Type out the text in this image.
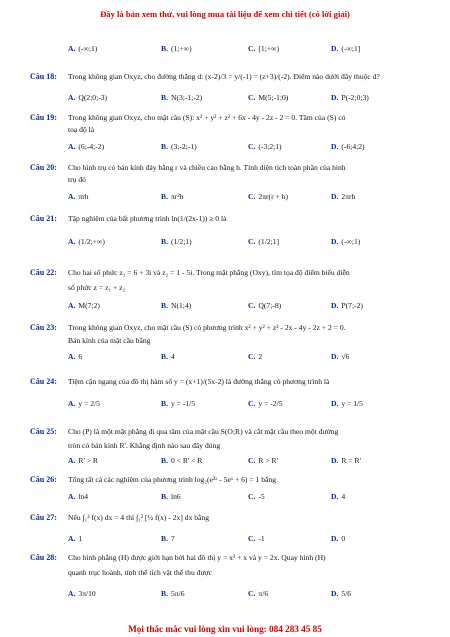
Đây là bản xem thử, vui lòng mua tài liệu để xem chi tiết (có lời giải)
A. (-∞;1)	B. (1;+∞)	C. [1;+∞)	D. (-∞;1]
Câu 18: Trong không gian Oxyz, cho đường thẳng d: (x-2)/3 = y/(-1) = (z+3)/(-2). Điểm nào dưới đây thuộc d?
A. Q(2;0;-3)	B. N(3;-1;-2)	C. M(5;-1;0)	D. P(-2;0;3)
Câu 19: Trong không gian Oxyz, cho mặt cầu (S): x² + y² + z² + 6x - 4y - 2z - 2 = 0. Tâm của (S) có
toạ độ là
A. (6;-4;-2)	B. (3;-2;-1)	C. (-3;2;1)	D. (-6;4;2)
Câu 20: Cho hình trụ có bán kính đáy bằng r và chiều cao bằng h. Tính diện tích toàn phần của hình
trụ đó
A. πrh	B. πr²h	C. 2πr(r + h)	D. 2πrh
Câu 21: Tập nghiệm của bất phương trình ln(1/(2x-1)) ≥ 0 là
A. (1/2;+∞)	B. (1/2;1)	C. (1/2;1]	D. (-∞;1)
Câu 22: Cho hai số phức z₁ = 6 + 3i và z₂ = 1 - 5i. Trong mặt phẳng (Oxy), tìm tọa độ điểm biểu diễn
số phức z = z₁ + z₂
A. M(7;2)	B. N(1;4)	C. Q(7;-8)	D. P(7;-2)
Câu 23: Trong không gian Oxyz, cho mặt cầu (S) có phương trình x² + y² + z² - 2x - 4y - 2z + 2 = 0.
Bán kính của mặt cầu bằng
A. 6	B. 4	C. 2	D. √6
Câu 24: Tiệm cận ngang của đồ thị hàm số y = (x+1)/(5x-2) là đường thẳng có phương trình là
A. y = 2/5	B. y = -1/5	C. y = -2/5	D. y = 1/5
Câu 25: Cho (P) là một mặt phẳng đi qua tâm của mặt cầu S(O;R) và cắt mặt cầu theo một đường
tròn có bán kính R'. Khẳng định nào sau đây đúng
A. R' > R	B. 0 < R' < R	C. R > R'	D. R = R'
Câu 26: Tổng tất cả các nghiệm của phương trình log₂(e²ˣ - 5eˣ + 6) = 1 bằng
A. ln4	B. ln6	C. -5	D. 4
Câu 27: Nếu ∫₁² f(x) dx = 4 thì ∫₁² [½ f(x) - 2x] dx bằng
A. 1	B. 7	C. -1	D. 0
Câu 28: Cho hình phẳng (H) được giới hạn bởi hai đồ thị y = x² + x và y = 2x. Quay hình (H)
quanh trục hoành, tính thể tích vật thể thu được
A. 3π/10	B. 5π/6	C. π/6	D. 5/6
Mọi thắc mắc vui lòng xin vui lòng: 084 283 45 85
